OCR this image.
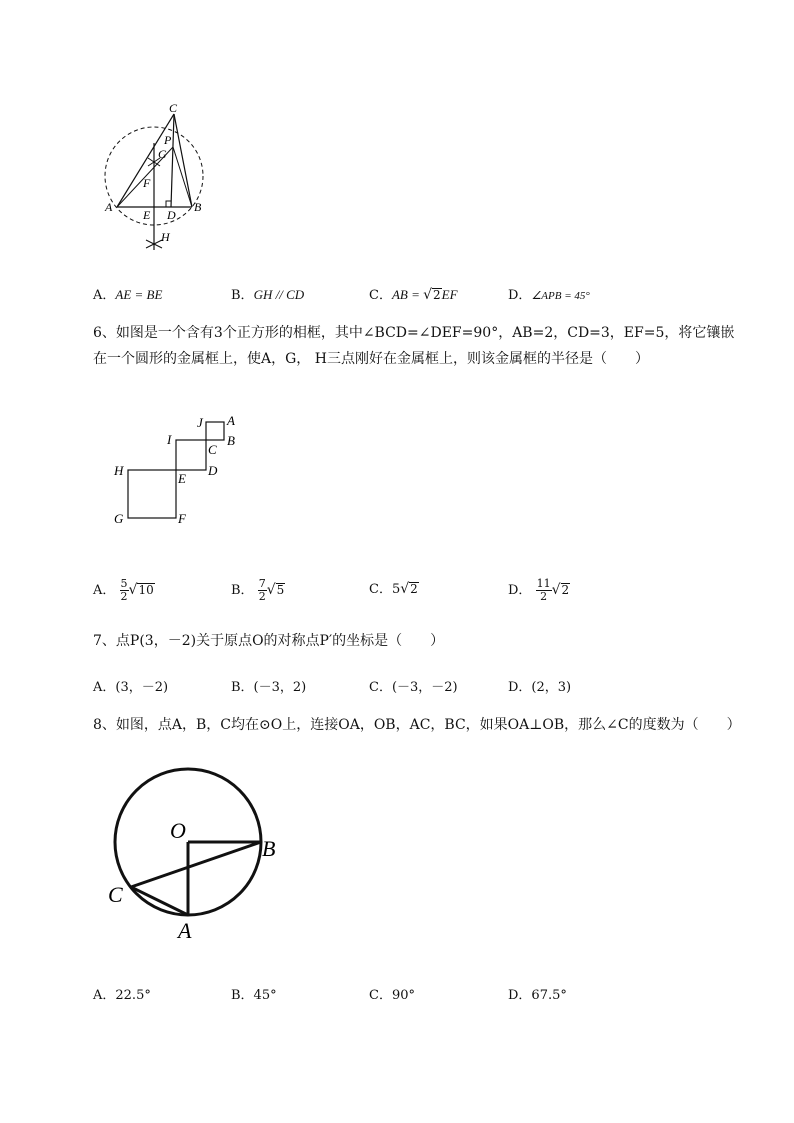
C
P
G
F
A
E D
B
H
A．AE = BE	B．GH // CD	C．AB = √2EF	D．∠APB = 45°
6、如图是一个含有3个正方形的相框，其中∠BCD=∠DEF=90°，AB=2，CD=3，EF=5，将它镶嵌
在一个圆形的金属框上，使A，G， H三点刚好在金属框上，则该金属框的半径是（　　）
J A
B
I
C
H
E
D
G	F
A． $\frac{5}{2} √10$	B． $\frac{7}{2} √5$	C．5√2	D． $\frac{11}{2} √2$
7、点P(3，－2)关于原点O的对称点P′的坐标是（　　）
A．(3，－2)	B．(－3，2)	C．(－3，－2)	D．(2，3)
8、如图，点A，B，C均在⊙O上，连接OA，OB，AC，BC，如果OA⊥OB，那么∠C的度数为（　　）
O
B
C
A
A．22.5°	B．45°	C．90°	D．67.5°
